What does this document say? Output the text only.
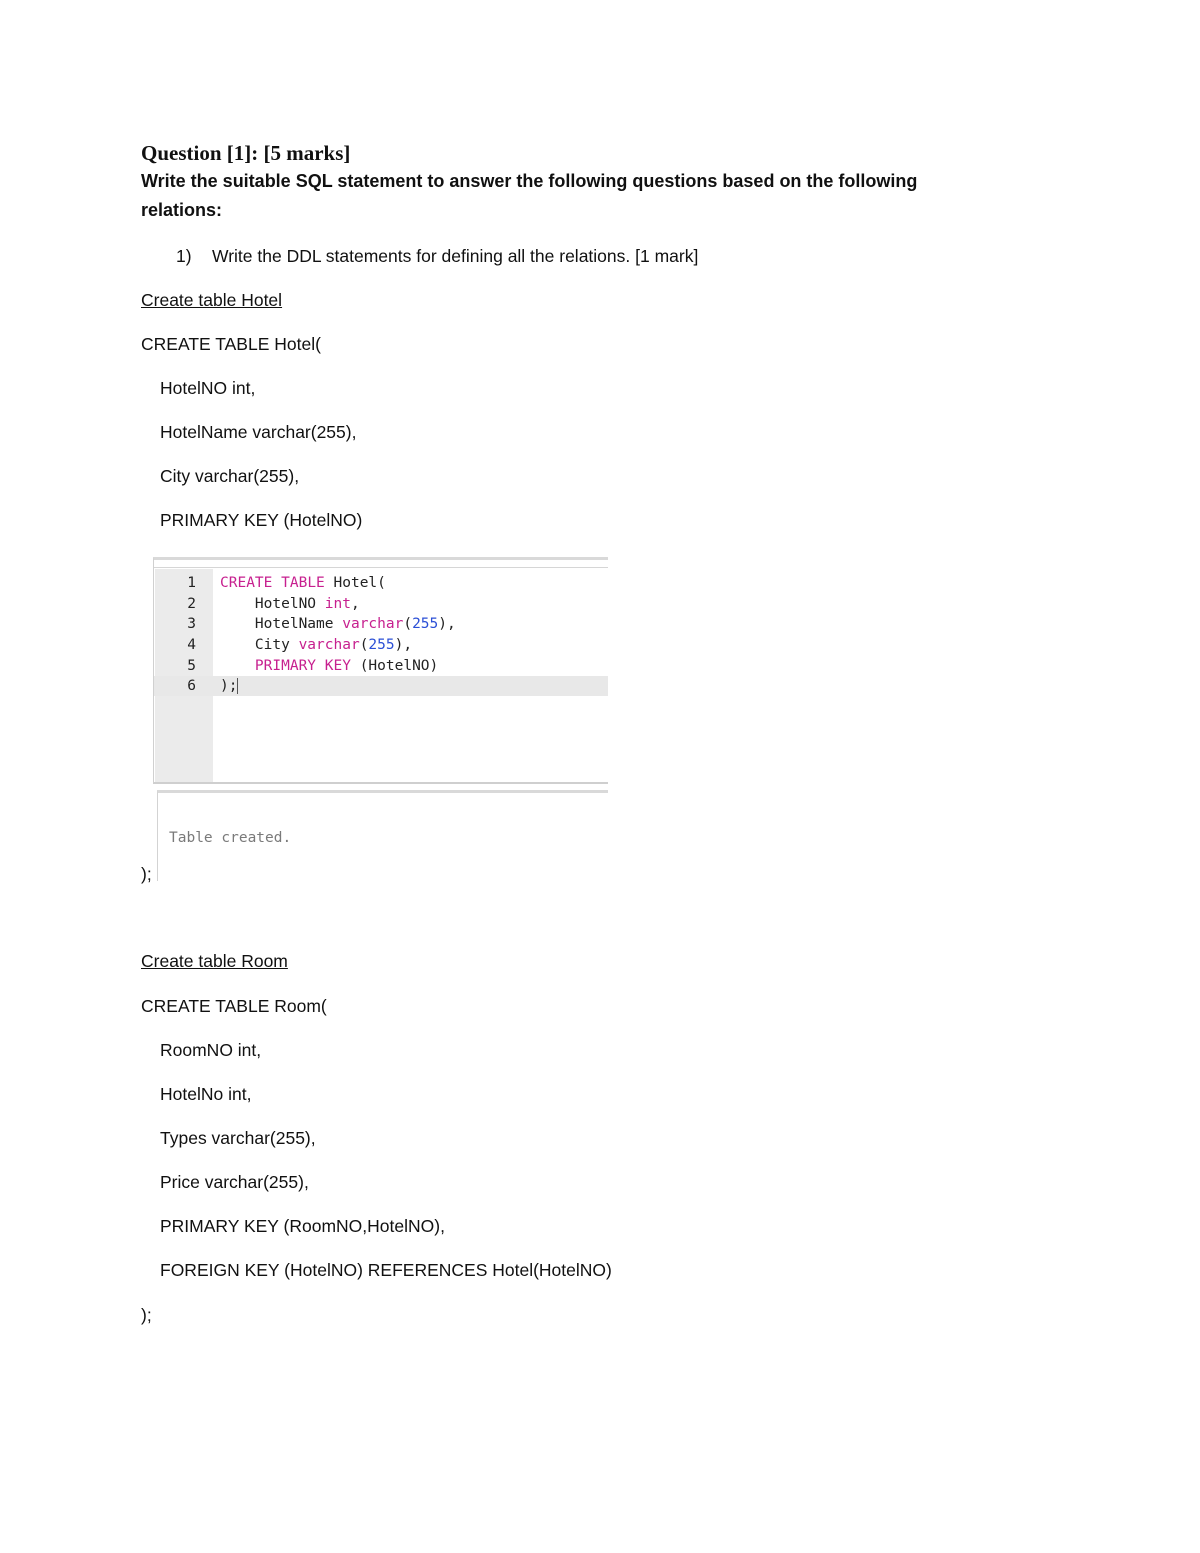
Question [1]: [5 marks]
Write the suitable SQL statement to answer the following questions based on the following
relations:
1) Write the DDL statements for defining all the relations. [1 mark]
Create table Hotel
CREATE TABLE Hotel(
HotelNO int,
HotelName varchar(255),
City varchar(255),
PRIMARY KEY (HotelNO)
1 CREATE TABLE Hotel(
2	HotelNO int,
3	HotelName varchar(255),
4	City varchar(255),
5	PRIMARY KEY (HotelNO)
6 );
Table created.
);
Create table Room
CREATE TABLE Room(
RoomNO int,
HotelNo int,
Types varchar(255),
Price varchar(255),
PRIMARY KEY (RoomNO,HotelNO),
FOREIGN KEY (HotelNO) REFERENCES Hotel(HotelNO)
);
